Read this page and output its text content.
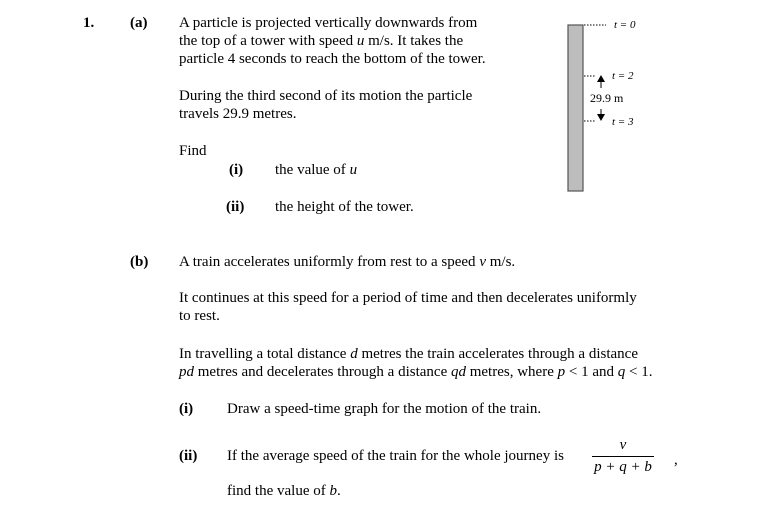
1. (a) A particle is projected vertically downwards from
the top of a tower with speed u m/s. It takes the
particle 4 seconds to reach the bottom of the tower.
During the third second of its motion the particle
travels 29.9 metres.
Find
(i) the value of u
(ii) the height of the tower.
t = 0
t = 2
29.9 m
t = 3
(b) A train accelerates uniformly from rest to a speed v m/s.
It continues at this speed for a period of time and then decelerates uniformly
to rest.
In travelling a total distance d metres the train accelerates through a distance
pd metres and decelerates through a distance qd metres, where p < 1 and q < 1.
(i) Draw a speed-time graph for the motion of the train.
(ii) If the average speed of the train for the whole journey is
v
p + q + b ,
find the value of b.
